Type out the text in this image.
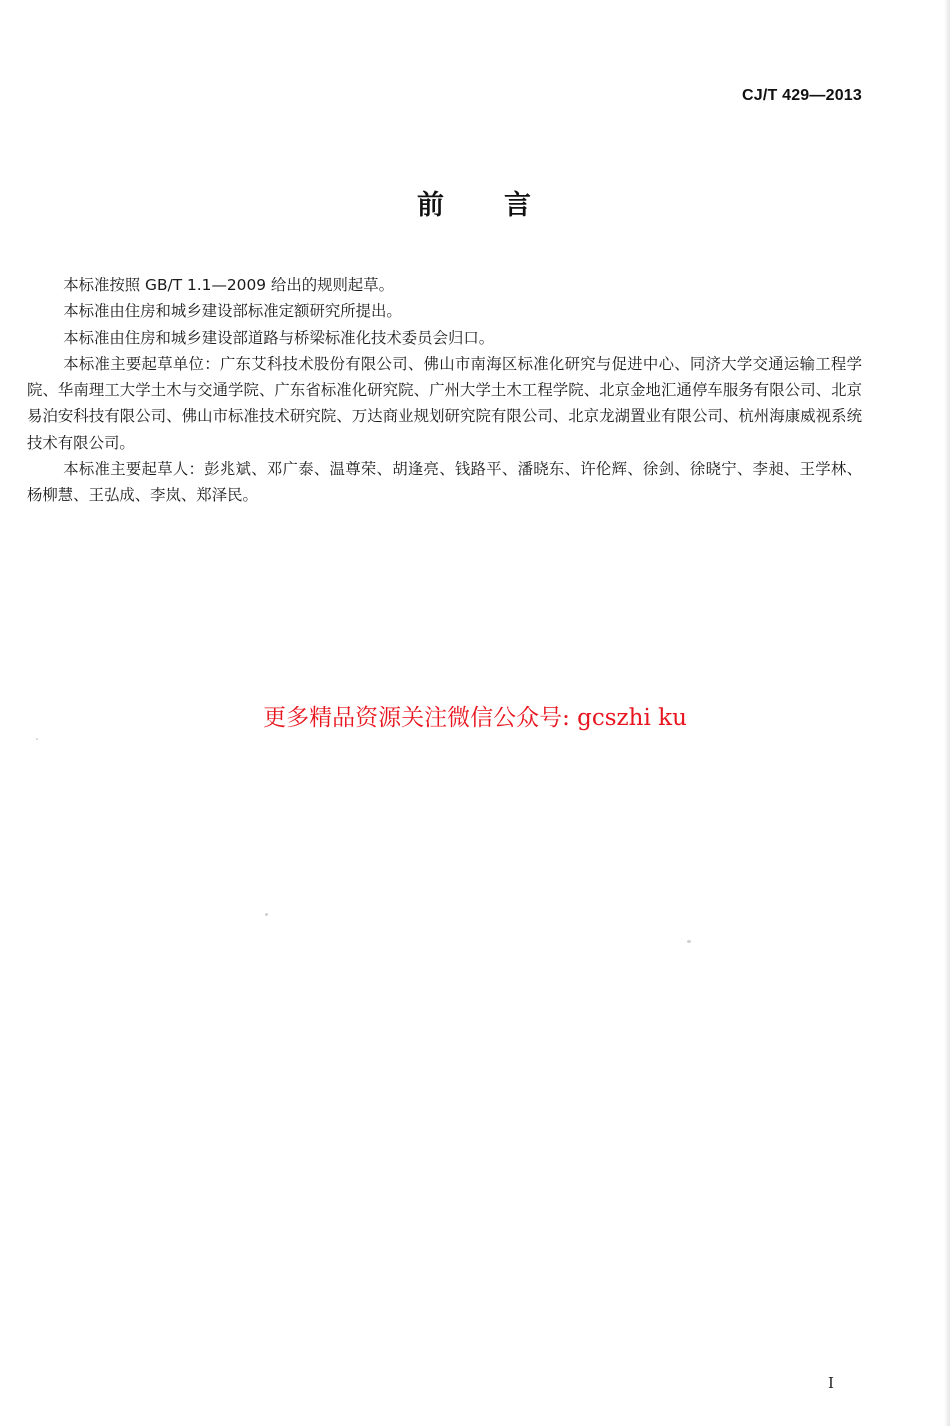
CJ/T 429—2013
前 言

本标准按照 GB/T 1.1—2009 给出的规则起草。

本标准由住房和城乡建设部标准定额研究所提出。

本标准由住房和城乡建设部道路与桥梁标准化技术委员会归口。

本标准主要起草单位：广东艾科技术股份有限公司、佛山市南海区标准化研究与促进中心、同济大学交通运输工程学院、华南理工大学土木与交通学院、广东省标准化研究院、广州大学土木工程学院、北京金地汇通停车服务有限公司、北京易泊安科技有限公司、佛山市标准技术研究院、万达商业规划研究院有限公司、北京龙湖置业有限公司、杭州海康威视系统技术有限公司。

本标准主要起草人：彭兆斌、邓广泰、温尊荣、胡逢亮、钱路平、潘晓东、许伦辉、徐剑、徐晓宁、李昶、王学林、杨柳慧、王弘成、李岚、郑泽民。

更多精品资源关注微信公众号: gcszhi ku
I
